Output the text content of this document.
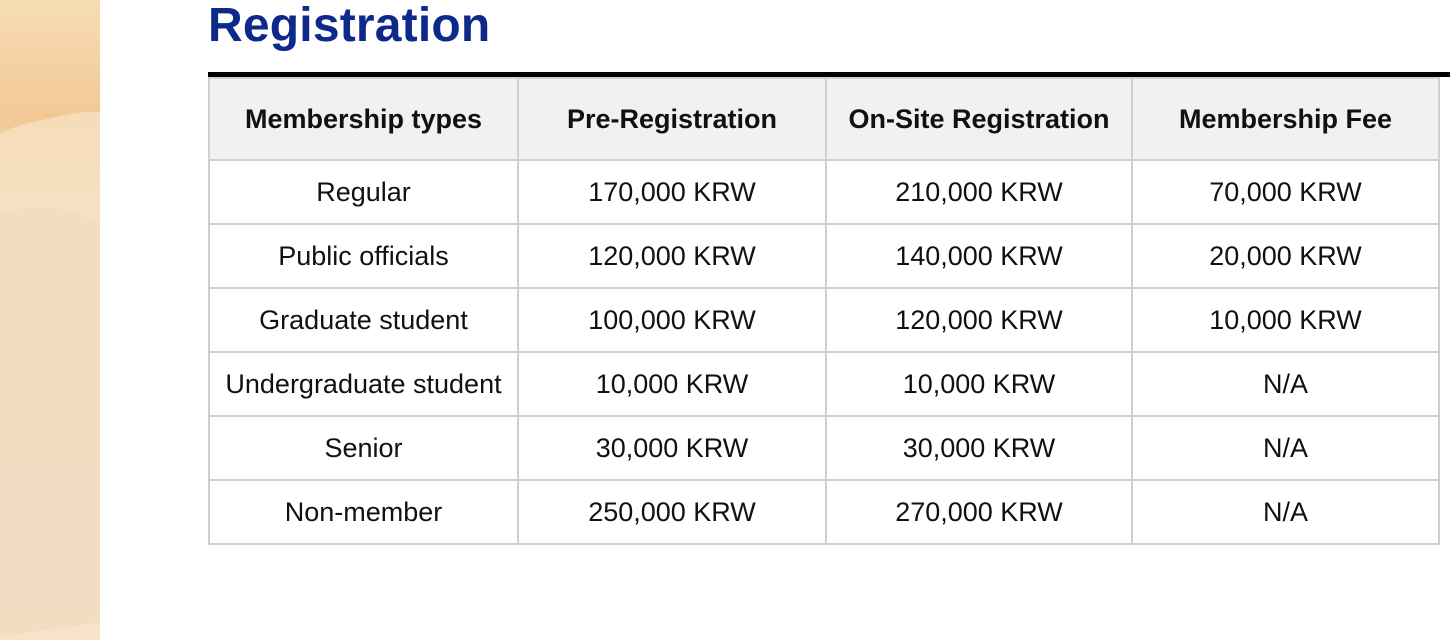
Registration
Membership types	Pre-Registration	On-Site Registration	Membership Fee
Regular	170,000 KRW	210,000 KRW	70,000 KRW
Public officials	120,000 KRW	140,000 KRW	20,000 KRW
Graduate student	100,000 KRW	120,000 KRW	10,000 KRW
Undergraduate student	10,000 KRW	10,000 KRW	N/A
Senior	30,000 KRW	30,000 KRW	N/A
Non-member	250,000 KRW	270,000 KRW	N/A
